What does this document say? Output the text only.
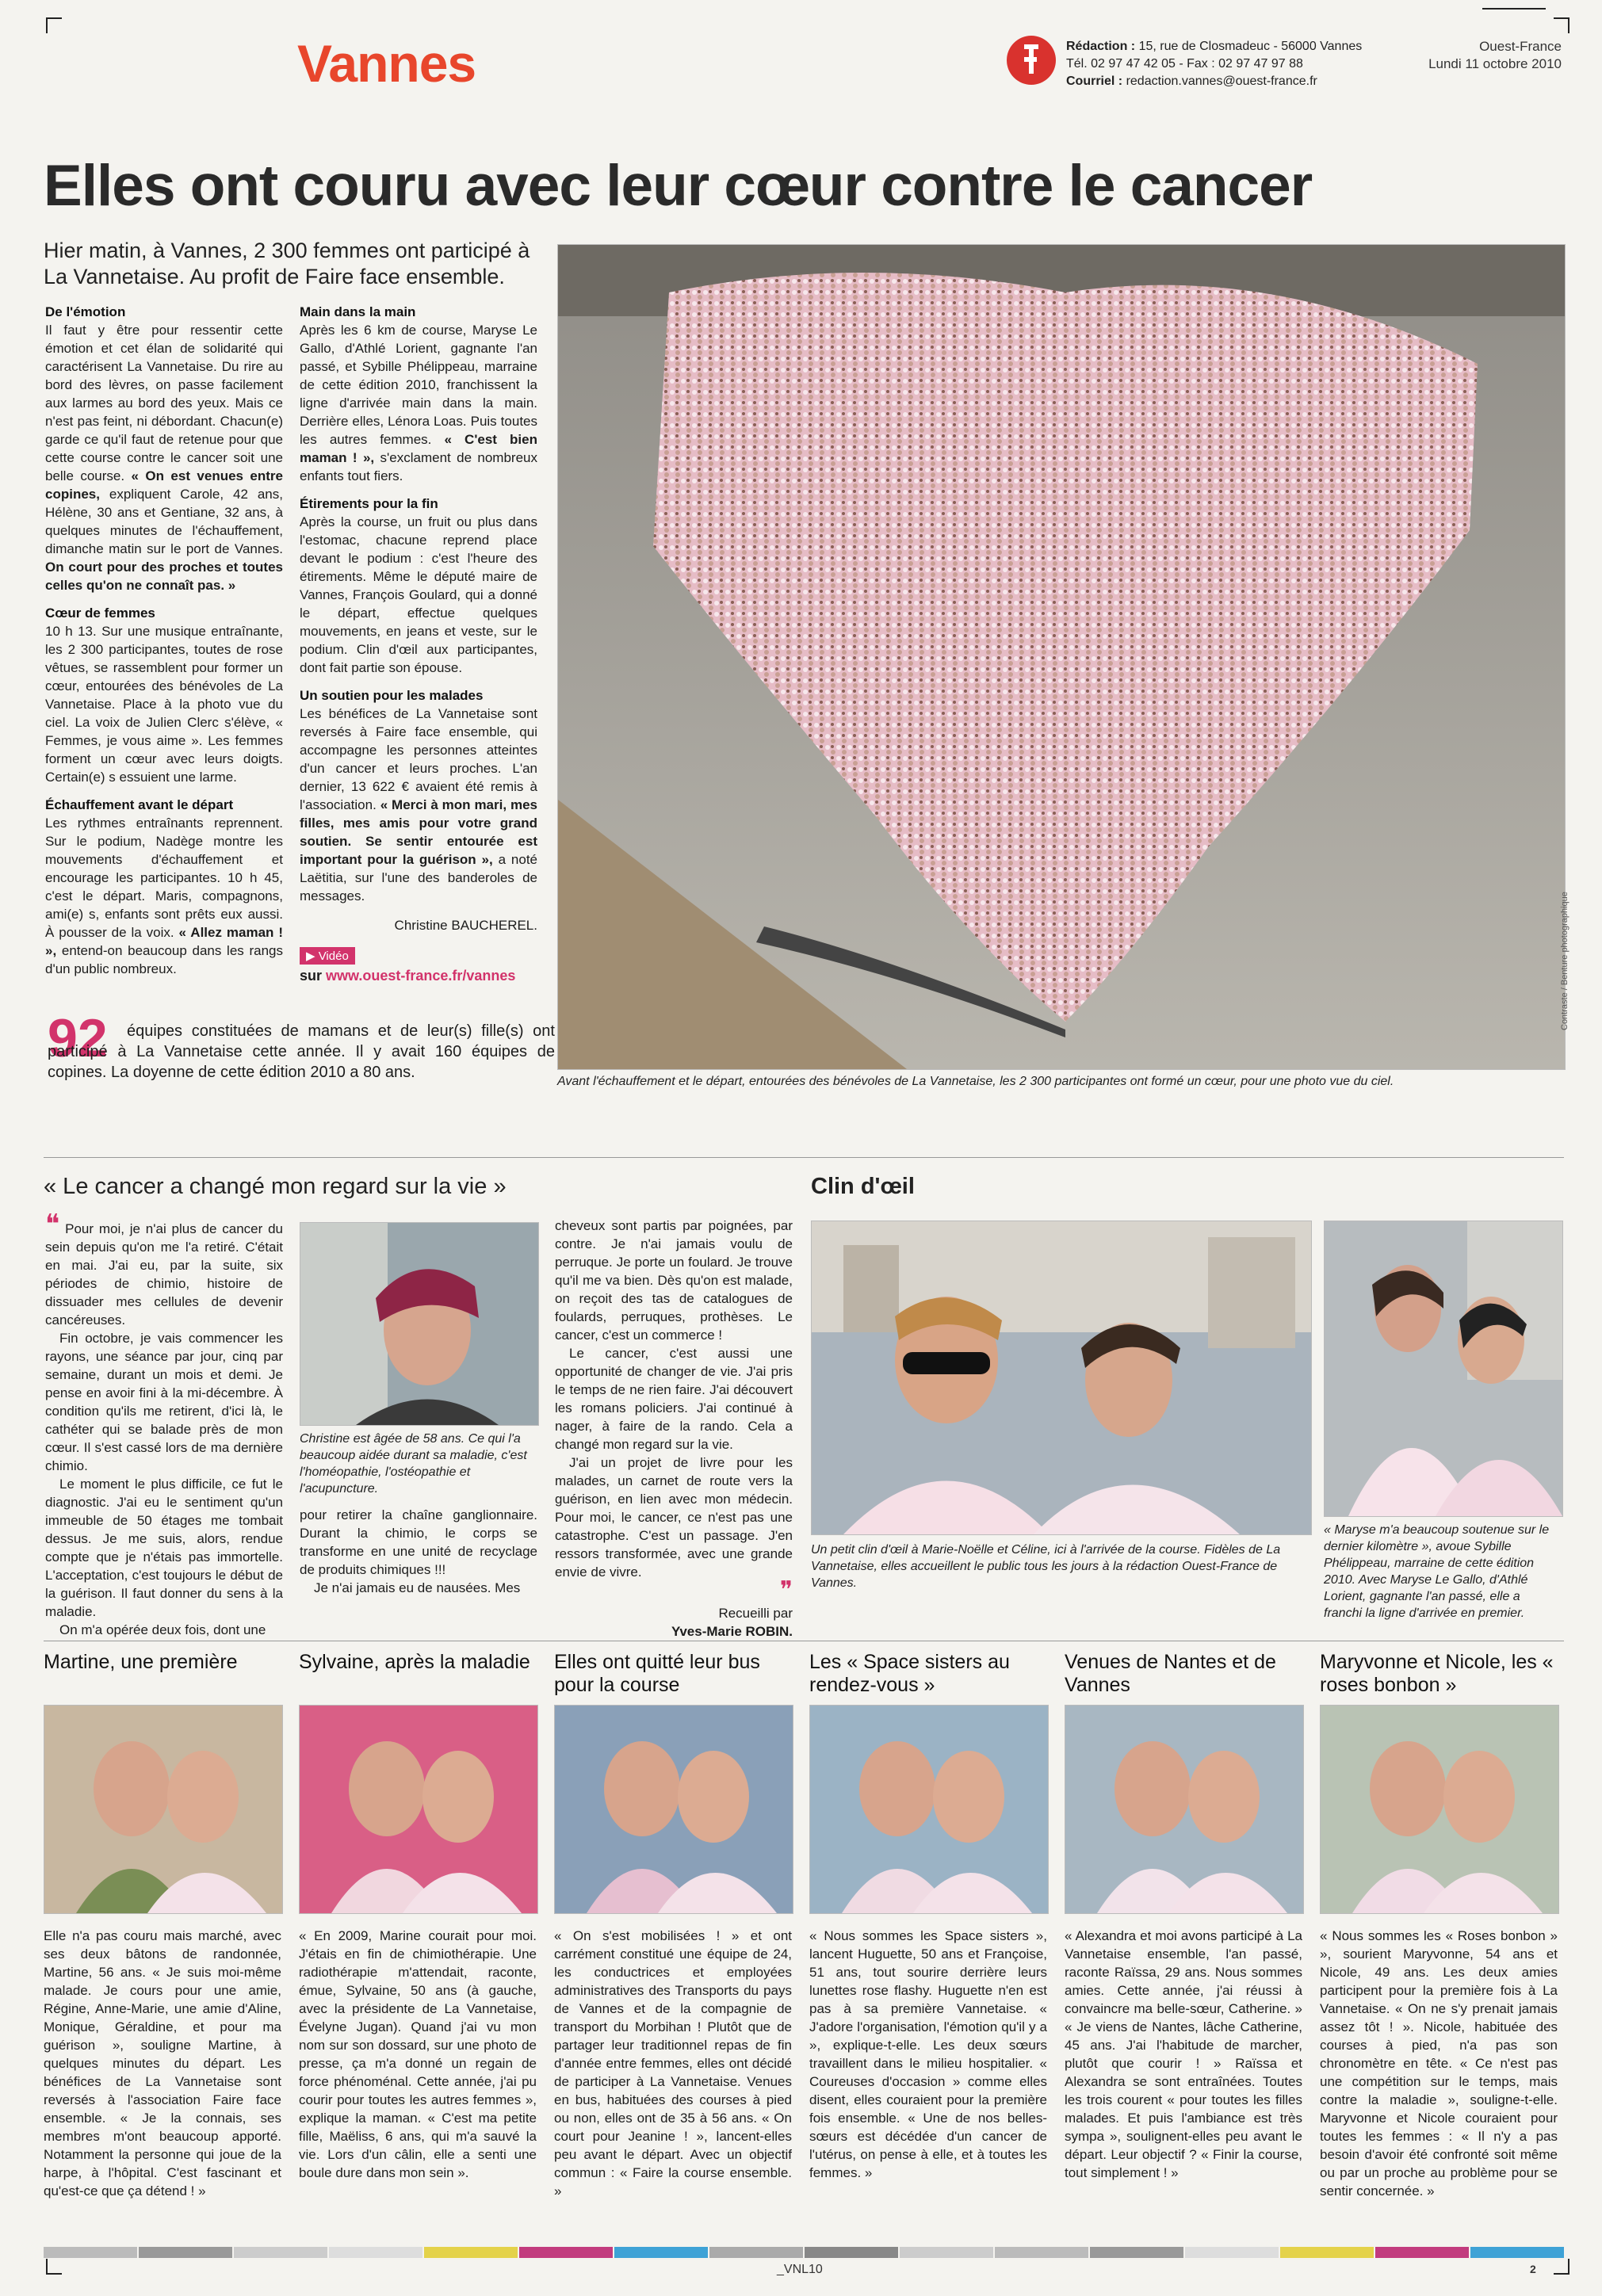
Vannes	Rédaction : 15, rue de Closmadeuc - 56000 Vannes
Tél. 02 97 47 42 05 - Fax : 02 97 47 97 88
Courriel : redaction.vannes@ouest-france.fr
Ouest-France
Lundi 11 octobre 2010
Elles ont couru avec leur cœur contre le cancer
Hier matin, à Vannes, 2 300 femmes ont participé à La Vannetaise. Au profit de Faire face ensemble.

De l'émotion
Il faut y être pour ressentir cette émotion et cet élan de solidarité qui caractérisent La Vannetaise. Du rire au bord des lèvres, on passe facilement aux larmes au bord des yeux. Mais ce n'est pas feint, ni débordant. Chacun(e) garde ce qu'il faut de retenue pour que cette course contre le cancer soit une belle course. « On est venues entre copines, expliquent Carole, 42 ans, Hélène, 30 ans et Gentiane, 32 ans, à quelques minutes de l'échauffement, dimanche matin sur le port de Vannes. On court pour des proches et toutes celles qu'on ne connaît pas. »

Cœur de femmes
10 h 13. Sur une musique entraînante, les 2 300 participantes, toutes de rose vêtues, se rassemblent pour former un cœur, entourées des bénévoles de La Vannetaise. Place à la photo vue du ciel. La voix de Julien Clerc s'élève, « Femmes, je vous aime ». Les femmes forment un cœur avec leurs doigts. Certain(e) s essuient une larme.

Échauffement avant le départ
Les rythmes entraînants reprennent. Sur le podium, Nadège montre les mouvements d'échauffement et encourage les participantes. 10 h 45, c'est le départ. Maris, compagnons, ami(e) s, enfants sont prêts eux aussi. À pousser de la voix. « Allez maman ! », entend-on beaucoup dans les rangs d'un public nombreux.

Main dans la main
Après les 6 km de course, Maryse Le Gallo, d'Athlé Lorient, gagnante l'an passé, et Sybille Phélippeau, marraine de cette édition 2010, franchissent la ligne d'arrivée main dans la main. Derrière elles, Lénora Loas. Puis toutes les autres femmes. « C'est bien maman ! », s'exclament de nombreux enfants tout fiers.

Étirements pour la fin
Après la course, un fruit ou plus dans l'estomac, chacune reprend place devant le podium : c'est l'heure des étirements. Même le député maire de Vannes, François Goulard, qui a donné le départ, effectue quelques mouvements, en jeans et veste, sur le podium. Clin d'œil aux participantes, dont fait partie son épouse.

Un soutien pour les malades
Les bénéfices de La Vannetaise sont reversés à Faire face ensemble, qui accompagne les personnes atteintes d'un cancer et leurs proches. L'an dernier, 13 622 € avaient été remis à l'association. « Merci à mon mari, mes filles, mes amis pour votre grand soutien. Se sentir entourée est important pour la guérison », a noté Laëtitia, sur l'une des banderoles de messages.

Christine BAUCHEREL.

▶ Vidéo
sur www.ouest-france.fr/vannes
92	équipes constituées de mamans et de leur(s) fille(s) ont participé à La Vannetaise cette année. Il y avait 160 équipes de copines. La doyenne de cette édition 2010 a 80 ans.
Avant l'échauffement et le départ, entourées des bénévoles de La Vannetaise, les 2 300 participantes ont formé un cœur, pour une photo vue du ciel.
Contraste / Benture photographique
« Le cancer a changé mon regard sur la vie »

❝ Pour moi, je n'ai plus de cancer du sein depuis qu'on me l'a retiré. C'était en mai. J'ai eu, par la suite, six périodes de chimio, histoire de dissuader mes cellules de devenir cancéreuses.

Fin octobre, je vais commencer les rayons, une séance par jour, cinq par semaine, durant un mois et demi. Je pense en avoir fini à la mi-décembre. À condition qu'ils me retirent, d'ici là, le cathéter qui se balade près de mon cœur. Il s'est cassé lors de ma dernière chimio.

Le moment le plus difficile, ce fut le diagnostic. J'ai eu le sentiment qu'un immeuble de 50 étages me tombait dessus. Je me suis, alors, rendue compte que je n'étais pas immortelle. L'acceptation, c'est toujours le début de la guérison. Il faut donner du sens à la maladie.

On m'a opérée deux fois, dont une

Christine est âgée de 58 ans. Ce qui l'a beaucoup aidée durant sa maladie, c'est l'homéopathie, l'ostéopathie et l'acupuncture.

pour retirer la chaîne ganglionnaire. Durant la chimio, le corps se transforme en une unité de recyclage de produits chimiques !!!

Je n'ai jamais eu de nausées. Mes

cheveux sont partis par poignées, par contre. Je n'ai jamais voulu de perruque. Je porte un foulard. Je trouve qu'il me va bien. Dès qu'on est malade, on reçoit des tas de catalogues de foulards, perruques, prothèses. Le cancer, c'est un commerce !

Le cancer, c'est aussi une opportunité de changer de vie. J'ai pris le temps de ne rien faire. J'ai découvert les romans policiers. J'ai continué à nager, à faire de la rando. Cela a changé mon regard sur la vie.

J'ai un projet de livre pour les malades, un carnet de route vers la guérison, en lien avec mon médecin. Pour moi, le cancer, ce n'est pas une catastrophe. C'est un passage. J'en ressors transformée, avec une grande envie de vivre.

❞

Recueilli par

Yves-Marie ROBIN.

Clin d'œil
Un petit clin d'œil à Marie-Noëlle et Céline, ici à l'arrivée de la course. Fidèles de La Vannetaise, elles accueillent le public tous les jours à la rédaction Ouest-France de Vannes.
« Maryse m'a beaucoup soutenue sur le dernier kilomètre », avoue Sybille Phélippeau, marraine de cette édition 2010. Avec Maryse Le Gallo, d'Athlé Lorient, gagnante l'an passé, elle a franchi la ligne d'arrivée en premier.
Martine, une première

Elle n'a pas couru mais marché, avec ses deux bâtons de randonnée, Martine, 56 ans. « Je suis moi-même malade. Je cours pour une amie, Régine, Anne-Marie, une amie d'Aline, Monique, Géraldine, et pour ma guérison », souligne Martine, à quelques minutes du départ. Les bénéfices de La Vannetaise sont reversés à l'association Faire face ensemble. « Je la connais, ses membres m'ont beaucoup apporté. Notamment la personne qui joue de la harpe, à l'hôpital. C'est fascinant et qu'est-ce que ça détend ! »

Sylvaine, après la maladie

« En 2009, Marine courait pour moi. J'étais en fin de chimiothérapie. Une radiothérapie m'attendait, raconte, émue, Sylvaine, 50 ans (à gauche, avec la présidente de La Vannetaise, Évelyne Jugan). Quand j'ai vu mon nom sur son dossard, sur une photo de presse, ça m'a donné un regain de force phénoménal. Cette année, j'ai pu courir pour toutes les autres femmes », explique la maman. « C'est ma petite fille, Maëliss, 6 ans, qui m'a sauvé la vie. Lors d'un câlin, elle a senti une boule dure dans mon sein ».

Elles ont quitté leur bus pour la course

« On s'est mobilisées ! » et ont carrément constitué une équipe de 24, les conductrices et employées administratives des Transports du pays de Vannes et de la compagnie de transport du Morbihan ! Plutôt que de partager leur traditionnel repas de fin d'année entre femmes, elles ont décidé de participer à La Vannetaise. Venues en bus, habituées des courses à pied ou non, elles ont de 35 à 56 ans. « On court pour Jeanine ! », lancent-elles peu avant le départ. Avec un objectif commun : « Faire la course ensemble. »

Les « Space sisters au rendez-vous »

« Nous sommes les Space sisters », lancent Huguette, 50 ans et Françoise, 51 ans, tout sourire derrière leurs lunettes rose flashy. Huguette n'en est pas à sa première Vannetaise. « J'adore l'organisation, l'émotion qu'il y a », explique-t-elle. Les deux sœurs travaillent dans le milieu hospitalier. « Coureuses d'occasion » comme elles disent, elles couraient pour la première fois ensemble. « Une de nos belles-sœurs est décédée d'un cancer de l'utérus, on pense à elle, et à toutes les femmes. »

Venues de Nantes et de Vannes

« Alexandra et moi avons participé à La Vannetaise ensemble, l'an passé, raconte Raïssa, 29 ans. Nous sommes amies. Cette année, j'ai réussi à convaincre ma belle-sœur, Catherine. » « Je viens de Nantes, lâche Catherine, 45 ans. J'ai l'habitude de marcher, plutôt que courir ! » Raïssa et Alexandra se sont entraînées. Toutes les trois courent « pour toutes les filles malades. Et puis l'ambiance est très sympa », soulignent-elles peu avant le départ. Leur objectif ? « Finir la course, tout simplement ! »

Maryvonne et Nicole, les « roses bonbon »

« Nous sommes les « Roses bonbon » », sourient Maryvonne, 54 ans et Nicole, 49 ans. Les deux amies participent pour la première fois à La Vannetaise. « On ne s'y prenait jamais assez tôt ! ». Nicole, habituée des courses à pied, n'a pas son chronomètre en tête. « Ce n'est pas une compétition sur le temps, mais contre la maladie », souligne-t-elle. Maryvonne et Nicole couraient pour toutes les femmes : « Il n'y a pas besoin d'avoir été confronté soit même ou par un proche au problème pour se sentir concernée. »

_VNL10	2
